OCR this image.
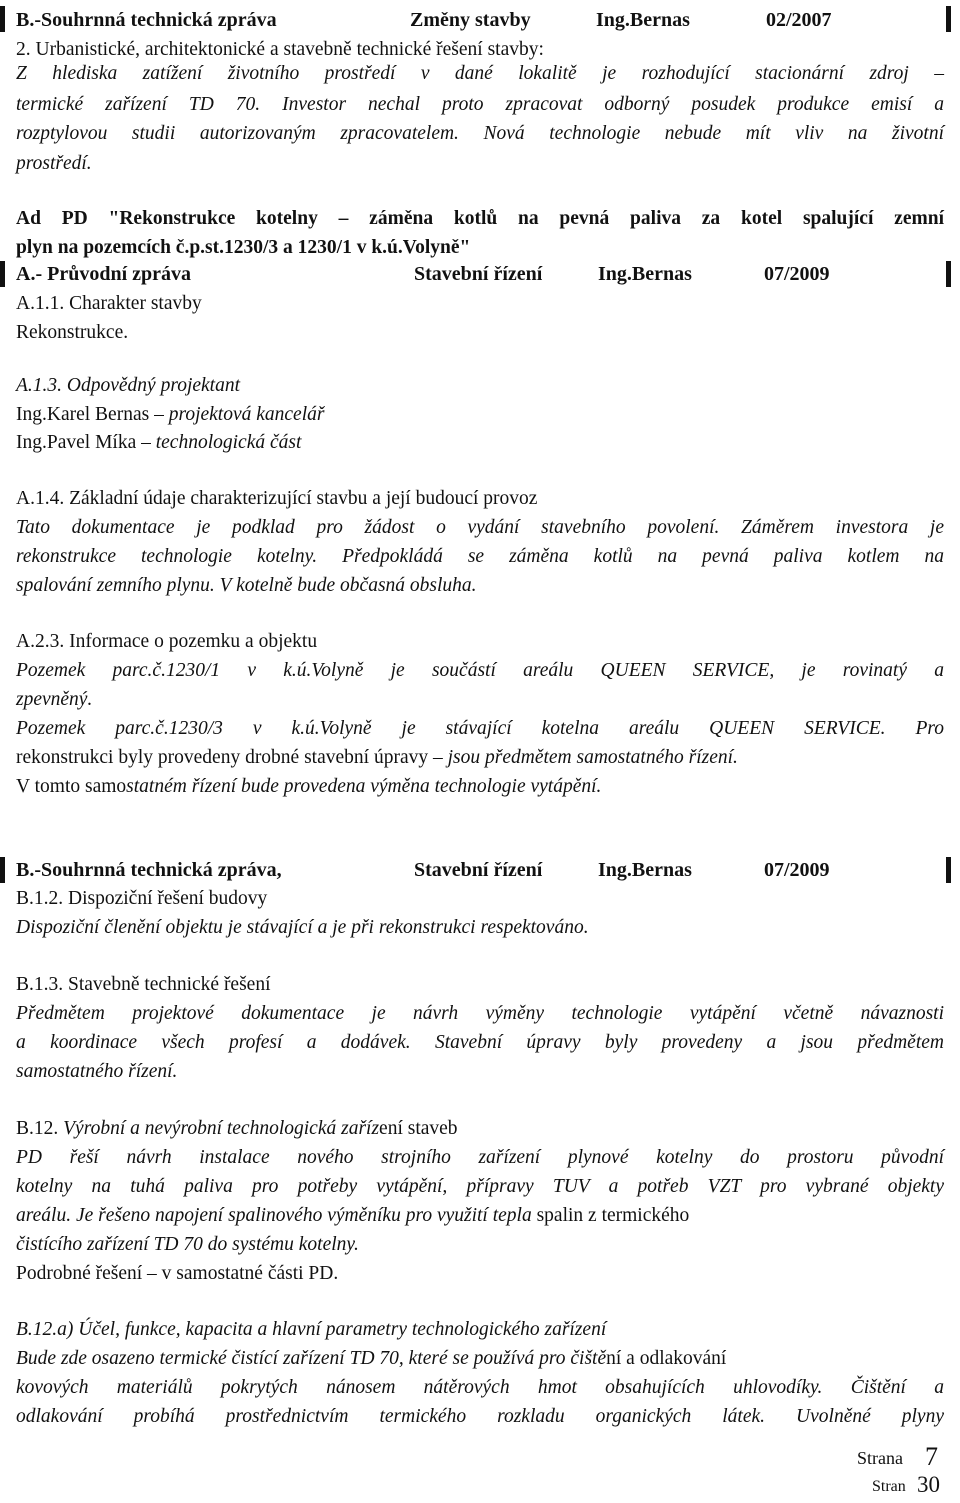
B.-Souhrnná technická zpráva	Změny stavby	Ing.Bernas	02/2007
2. Urbanistické, architektonické a stavebně technické řešení stavby:
Z hlediska zatížení životního prostředí v dané lokalitě je rozhodující stacionární zdroj –
termické zařízení TD 70. Investor nechal proto zpracovat odborný posudek produkce emisí a
rozptylovou studii autorizovaným zpracovatelem. Nová technologie nebude mít vliv na životní
prostředí.
Ad PD "Rekonstrukce kotelny – záměna kotlů na pevná paliva za kotel spalující zemní
plyn na pozemcích č.p.st.1230/3 a 1230/1 v k.ú.Volyně"
A.- Průvodní zpráva	Stavební řízení	Ing.Bernas	07/2009
A.1.1. Charakter stavby
Rekonstrukce.
A.1.3. Odpovědný projektant
Ing.Karel Bernas – projektová kancelář
Ing.Pavel Míka – technologická část
A.1.4. Základní údaje charakterizující stavbu a její budoucí provoz
Tato dokumentace je podklad pro žádost o vydání stavebního povolení. Záměrem investora je
rekonstrukce technologie kotelny. Předpokládá se záměna kotlů na pevná paliva kotlem na
spalování zemního plynu. V kotelně bude občasná obsluha.
A.2.3. Informace o pozemku a objektu
Pozemek parc.č.1230/1 v k.ú.Volyně je součástí areálu QUEEN SERVICE, je rovinatý a
zpevněný.
Pozemek parc.č.1230/3 v k.ú.Volyně je stávající kotelna areálu QUEEN SERVICE. Pro
rekonstrukci byly provedeny drobné stavební úpravy – jsou předmětem samostatného řízení.
V tomto samostatném řízení bude provedena výměna technologie vytápění.
B.-Souhrnná technická zpráva,	Stavební řízení	Ing.Bernas	07/2009
B.1.2. Dispoziční řešení budovy
Dispoziční členění objektu je stávající a je při rekonstrukci respektováno.
B.1.3. Stavebně technické řešení
Předmětem projektové dokumentace je návrh výměny technologie vytápění včetně návaznosti
a koordinace všech profesí a dodávek. Stavební úpravy byly provedeny a jsou předmětem
samostatného řízení.
B.12. Výrobní a nevýrobní technologická zařízení staveb
PD řeší návrh instalace nového strojního zařízení plynové kotelny do prostoru původní
kotelny na tuhá paliva pro potřeby vytápění, přípravy TUV a potřeb VZT pro vybrané objekty
areálu. Je řešeno napojení spalinového výměníku pro využití tepla spalin z termického
čistícího zařízení TD 70 do systému kotelny.
Podrobné řešení – v samostatné části PD.
B.12.a) Účel, funkce, kapacita a hlavní parametry technologického zařízení
Bude zde osazeno termické čistící zařízení TD 70, které se používá pro čištění a odlakování
kovových materiálů pokrytých nánosem nátěrových hmot obsahujících uhlovodíky. Čištění a
odlakování probíhá prostřednictvím termického rozkladu organických látek. Uvolněné plyny
Strana 7
Stran 30
